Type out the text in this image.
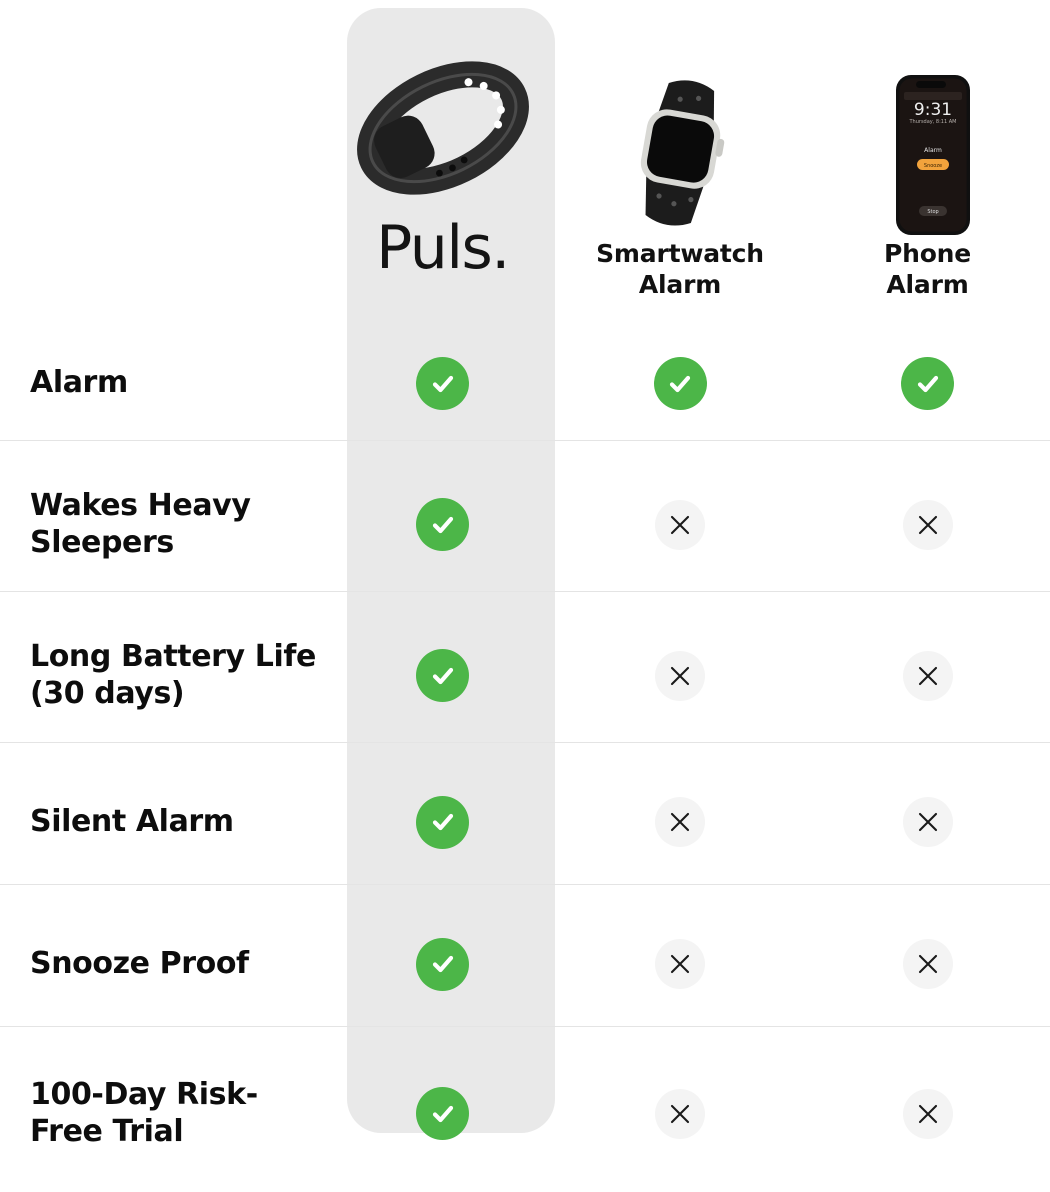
Puls.	Smartwatch
Alarm
9:31
Thursday, 8:11 AM
Alarm
Snooze
Stop
Phone
Alarm
Alarm
Wakes Heavy Sleepers
Long Battery Life (30 days)
Silent Alarm
Snooze Proof
100-Day Risk-Free Trial
